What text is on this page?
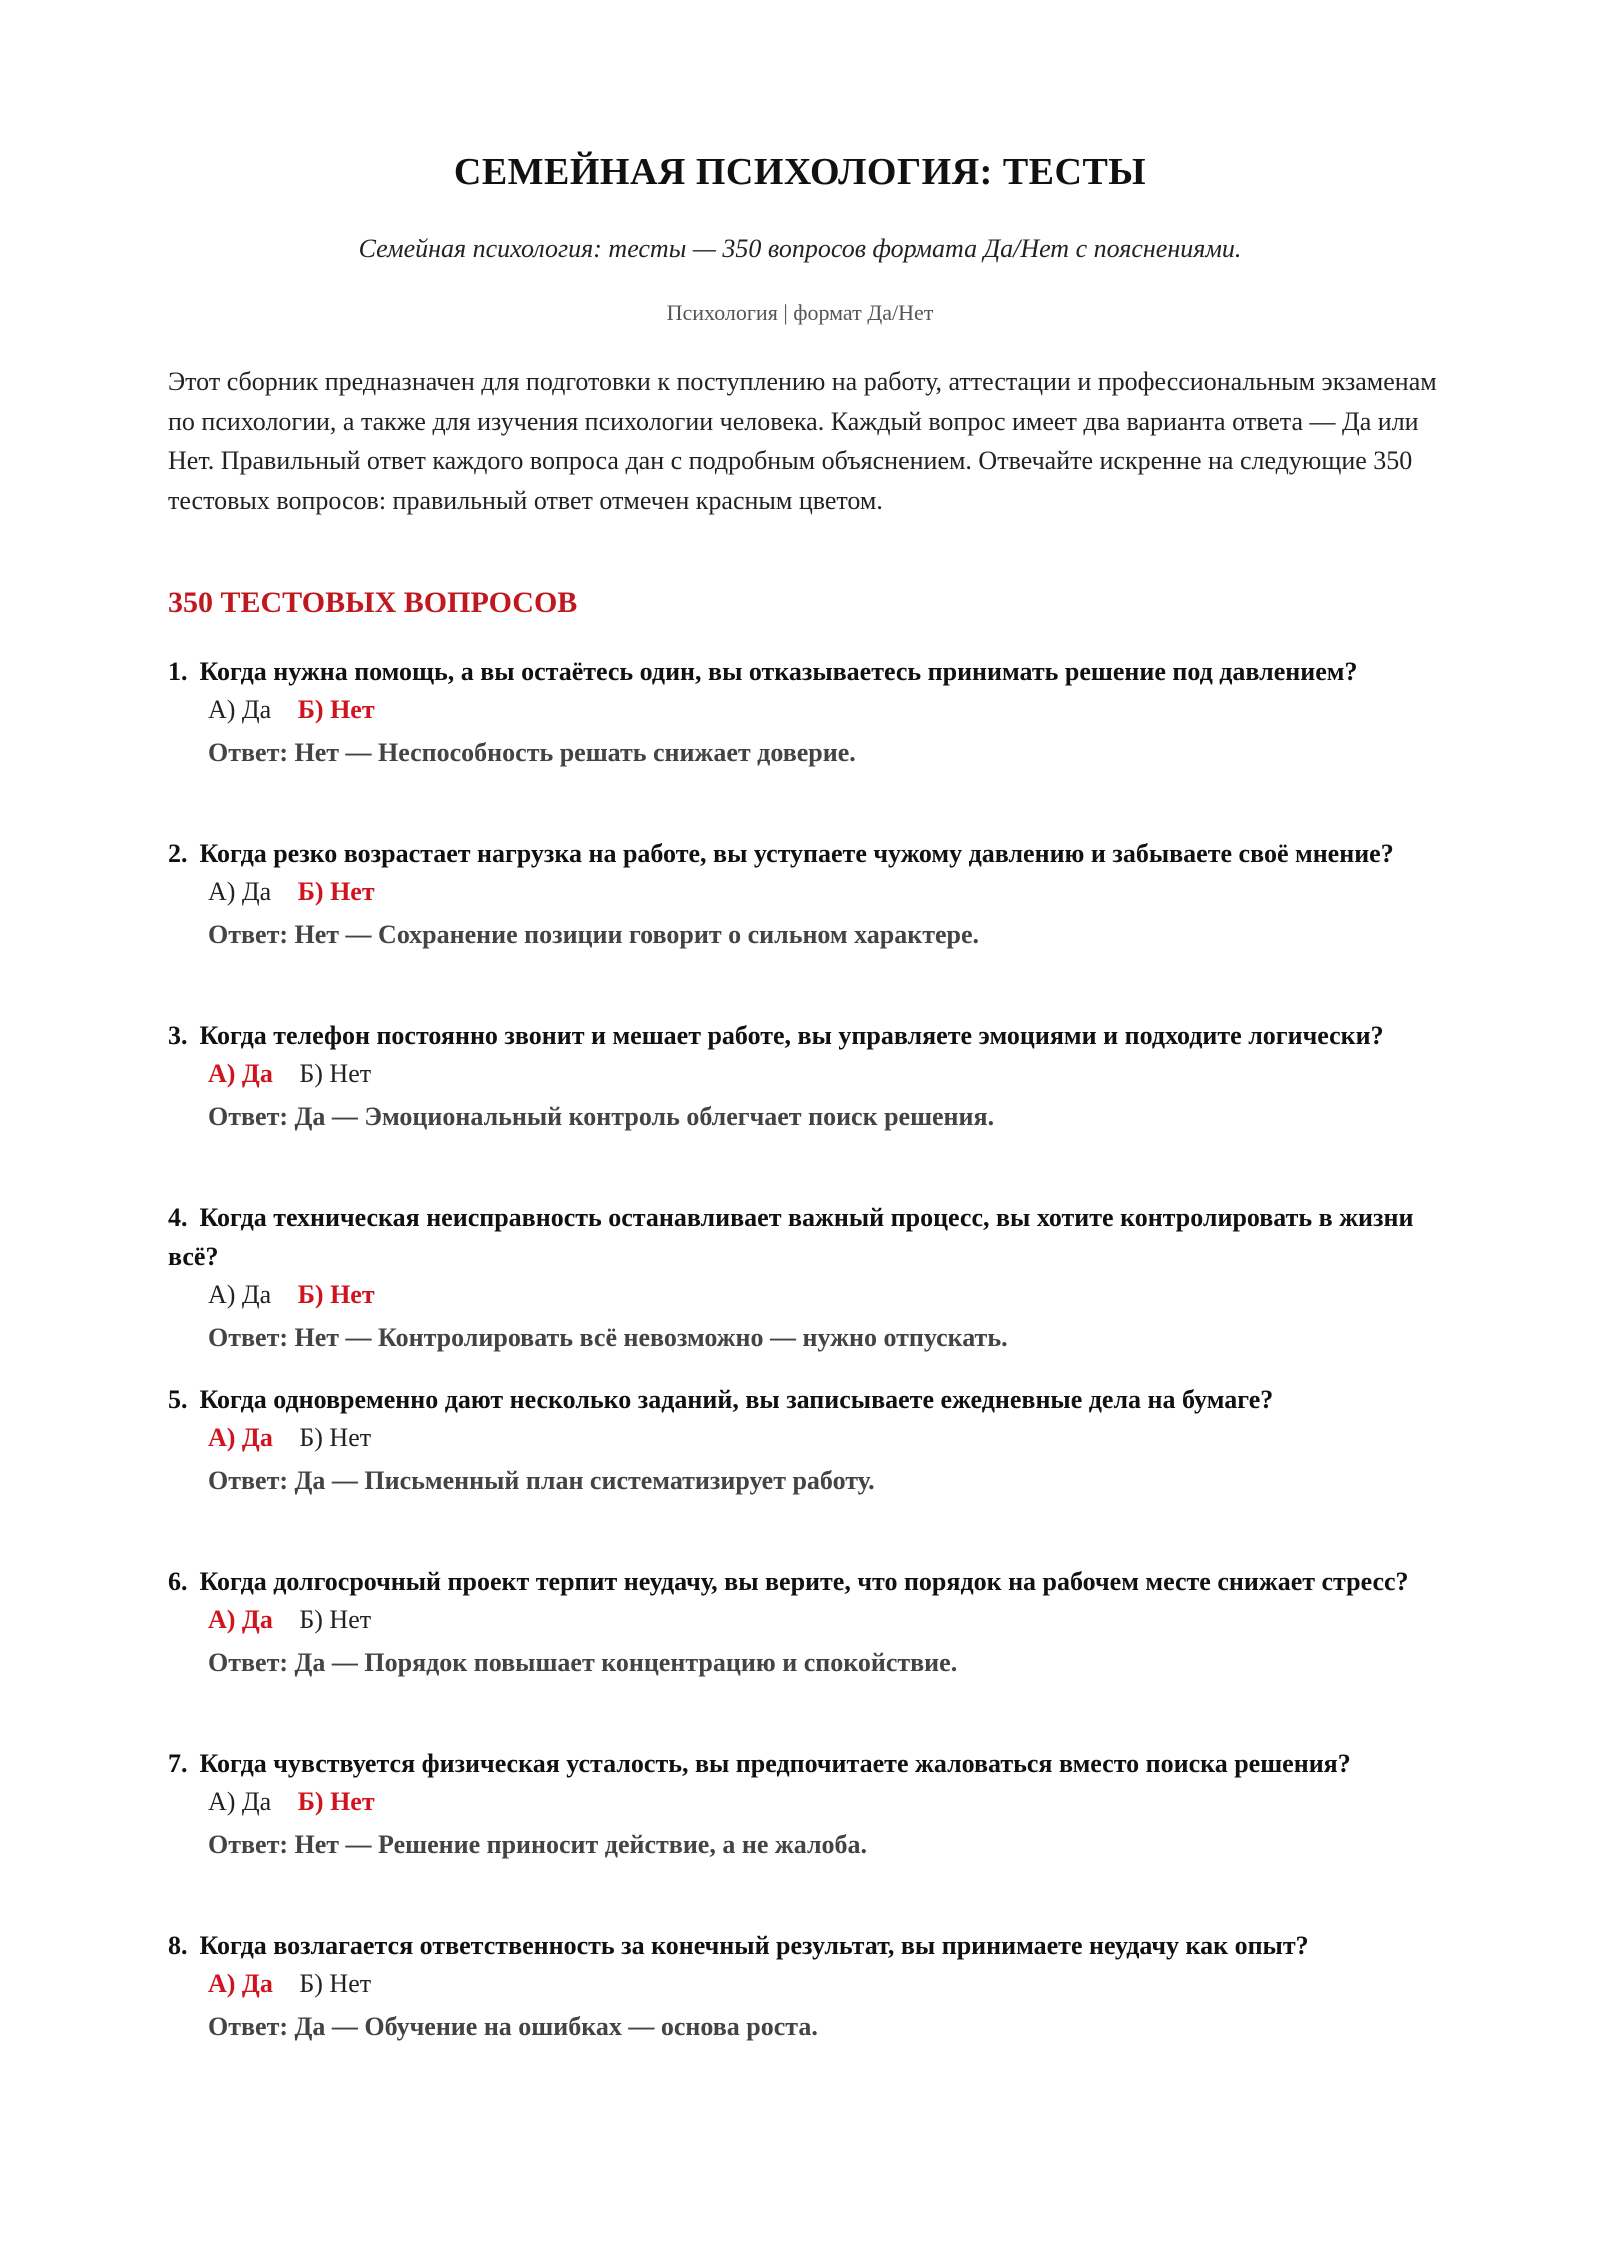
СЕМЕЙНАЯ ПСИХОЛОГИЯ: ТЕСТЫ
Семейная психология: тесты — 350 вопросов формата Да/Нет с пояснениями.
Психология | формат Да/Нет
Этот сборник предназначен для подготовки к поступлению на работу, аттестации и профессиональным экзаменам по психологии, а также для изучения психологии человека. Каждый вопрос имеет два варианта ответа — Да или Нет. Правильный ответ каждого вопроса дан с подробным объяснением. Отвечайте искренне на следующие 350 тестовых вопросов: правильный ответ отмечен красным цветом.
350 ТЕСТОВЫХ ВОПРОСОВ
1. Когда нужна помощь, а вы остаётесь один, вы отказываетесь принимать решение под давлением?
А) Да Б) Нет
Ответ: Нет — Неспособность решать снижает доверие.
2. Когда резко возрастает нагрузка на работе, вы уступаете чужому давлению и забываете своё мнение?
А) Да Б) Нет
Ответ: Нет — Сохранение позиции говорит о сильном характере.
3. Когда телефон постоянно звонит и мешает работе, вы управляете эмоциями и подходите логически?
А) Да Б) Нет
Ответ: Да — Эмоциональный контроль облегчает поиск решения.
4. Когда техническая неисправность останавливает важный процесс, вы хотите контролировать в жизни всё?
А) Да Б) Нет
Ответ: Нет — Контролировать всё невозможно — нужно отпускать.
5. Когда одновременно дают несколько заданий, вы записываете ежедневные дела на бумаге?
А) Да Б) Нет
Ответ: Да — Письменный план систематизирует работу.
6. Когда долгосрочный проект терпит неудачу, вы верите, что порядок на рабочем месте снижает стресс?
А) Да Б) Нет
Ответ: Да — Порядок повышает концентрацию и спокойствие.
7. Когда чувствуется физическая усталость, вы предпочитаете жаловаться вместо поиска решения?
А) Да Б) Нет
Ответ: Нет — Решение приносит действие, а не жалоба.
8. Когда возлагается ответственность за конечный результат, вы принимаете неудачу как опыт?
А) Да Б) Нет
Ответ: Да — Обучение на ошибках — основа роста.
